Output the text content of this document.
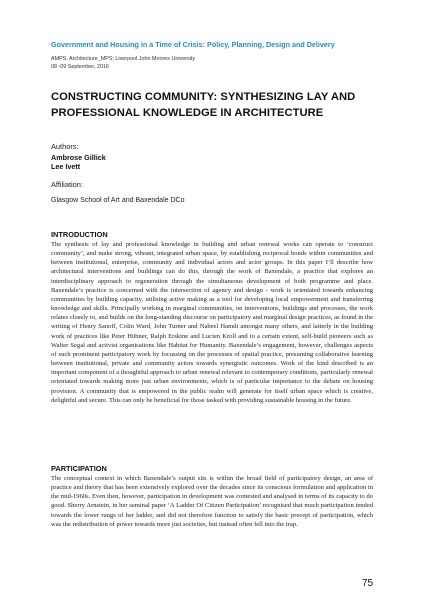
Government and Housing in a Time of Crisis: Policy, Planning, Design and Delivery
AMPS, Architecture_MPS; Liverpool John Moores University
08 -09 September, 2016
CONSTRUCTING COMMUNITY: SYNTHESIZING LAY AND PROFESSIONAL KNOWLEDGE IN ARCHITECTURE
Authors:
Ambrose Gillick
Lee Ivett
Affiliation:
Glasgow School of Art and Baxendale DCo
INTRODUCTION

The synthesis of lay and professional knowledge in building and urban renewal works can operate to ‘construct community’, and make strong, vibrant, integrated urban space, by establishing reciprocal bonds within communities and between institutional, enterprise, community and individual actors and actor groups. In this paper I’ll describe how architectural interventions and buildings can do this, through the work of Baxendale, a practice that explores an interdisciplinary approach to regeneration through the simultaneous development of both programme and place. Baxendale’s practice is concerned with the intersection of agency and design - work is orientated towards enhancing communities by building capacity, utilising active making as a tool for developing local empowerment and transferring knowledge and skills. Principally working in marginal communities, on interventions, buildings and processes, the work relates closely to, and builds on the long-standing discourse on participatory and marginal design practices, as found in the writing of Henry Sanoff, Colin Ward, John Turner and Nabeel Hamdi amongst many others, and latterly in the building work of practices like Peter Hübner, Ralph Erskine and Lucien Kroll and to a certain extent, self-build pioneers such as Walter Segal and activist organisations like Habitat for Humanity. Baxendale’s engagement, however, challenges aspects of such prominent participatory work by focussing on the processes of spatial practice, presuming collaborative learning between institutional, private and community actors towards synergistic outcomes. Work of the kind described is an important component of a thoughtful approach to urban renewal relevant to contemporary conditions, particularly renewal orientated towards making more just urban environments, which is of particular importance to the debate on housing provision. A community that is empowered in the public realm will generate for itself urban space which is creative, delightful and secure. This can only be beneficial for those tasked with providing sustainable housing in the future.

PARTICIPATION

The conceptual context in which Baxendale’s output sits is within the broad field of participatory design, an area of practice and theory that has been extensively explored over the decades since its conscious formulation and application in the mid-1960s. Even then, however, participation in development was contested and analysed in terms of its capacity to do good. Sherry Arnstein, in her seminal paper ‘A Ladder Of Citizen Participation’ recognised that much participation tended towards the lower rungs of her ladder, and did not therefore function to satisfy the basic precept of participation, which was the redistribution of power towards more just societies, but instead often fell into the trap.

75
